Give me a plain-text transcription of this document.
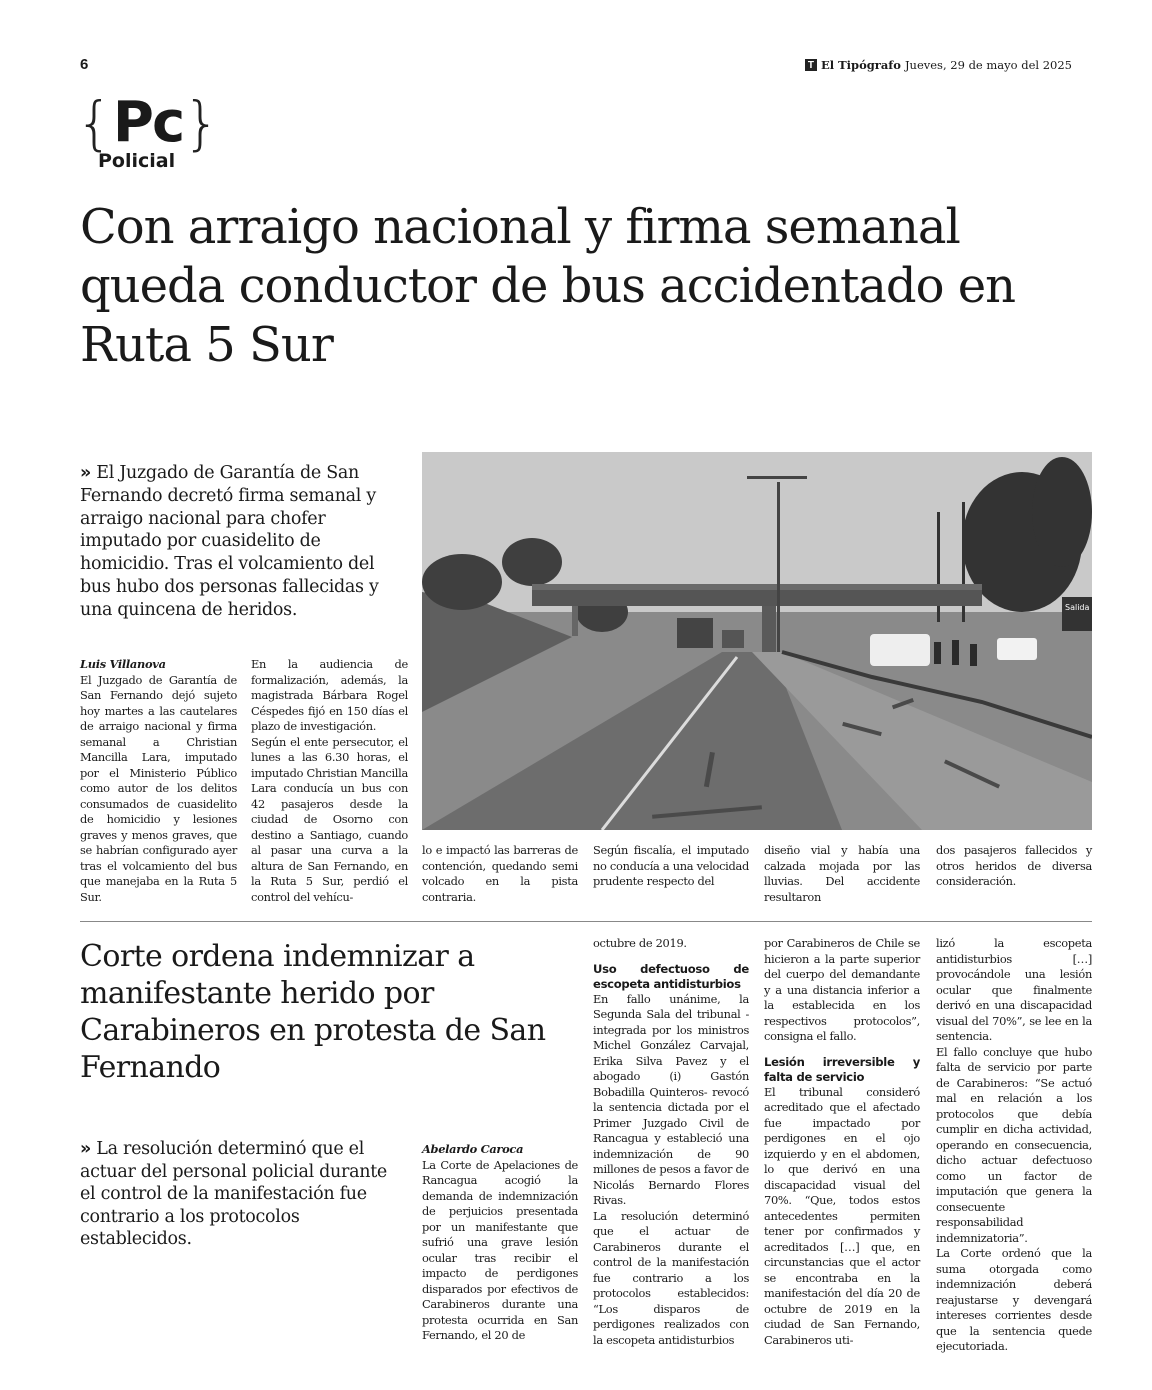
6	T El Tipógrafo Jueves, 29 de mayo del 2025
{ Pc }
Policial
Con arraigo nacional y firma semanal queda conductor de bus accidentado en Ruta 5 Sur
» El Juzgado de Garantía de San Fernando decretó firma semanal y arraigo nacional para chofer imputado por cuasidelito de homicidio. Tras el volcamiento del bus hubo dos personas fallecidas y una quincena de heridos.
Luis Villanova
El Juzgado de Garantía de San Fernando dejó sujeto hoy martes a las cautelares de arraigo nacional y firma semanal a Christian Mancilla Lara, imputado por el Ministerio Público como autor de los delitos consumados de cuasidelito de homicidio y lesiones graves y menos graves, que se habrían configurado ayer tras el volcamiento del bus que manejaba en la Ruta 5 Sur.
En la audiencia de formalización, además, la magistrada Bárbara Rogel Céspedes fijó en 150 días el plazo de investigación.
Según el ente persecutor, el lunes a las 6.30 horas, el imputado Christian Mancilla Lara conducía un bus con 42 pasajeros desde la ciudad de Osorno con destino a Santiago, cuando al pasar una curva a la altura de San Fernando, en la Ruta 5 Sur, perdió el control del vehícu-
Salida
lo e impactó las barreras de contención, quedando semi volcado en la pista contraria.
Según fiscalía, el imputado no conducía a una velocidad prudente respecto del
diseño vial y había una calzada mojada por las lluvias. Del accidente resultaron
dos pasajeros fallecidos y otros heridos de diversa consideración.
Corte ordena indemnizar a manifestante herido por Carabineros en protesta de San Fernando
» La resolución determinó que el actuar del personal policial durante el control de la manifestación fue contrario a los protocolos establecidos.
Abelardo Caroca
La Corte de Apelaciones de Rancagua acogió la demanda de indemnización de perjuicios presentada por un manifestante que sufrió una grave lesión ocular tras recibir el impacto de perdigones disparados por efectivos de Carabineros durante una protesta ocurrida en San Fernando, el 20 de
octubre de 2019.
Uso defectuoso de escopeta antidisturbios
En fallo unánime, la Segunda Sala del tribunal -integrada por los ministros Michel González Carvajal, Erika Silva Pavez y el abogado (i) Gastón Bobadilla Quinteros- revocó la sentencia dictada por el Primer Juzgado Civil de Rancagua y estableció una indemnización de 90 millones de pesos a favor de Nicolás Bernardo Flores Rivas.
La resolución determinó que el actuar de Carabineros durante el control de la manifestación fue contrario a los protocolos establecidos: “Los disparos de perdigones realizados con la escopeta antidisturbios
por Carabineros de Chile se hicieron a la parte superior del cuerpo del demandante y a una distancia inferior a la establecida en los respectivos protocolos”, consigna el fallo.
Lesión irreversible y falta de servicio
El tribunal consideró acreditado que el afectado fue impactado por perdigones en el ojo izquierdo y en el abdomen, lo que derivó en una discapacidad visual del 70%. “Que, todos estos antecedentes permiten tener por confirmados y acreditados […] que, en circunstancias que el actor se encontraba en la manifestación del día 20 de octubre de 2019 en la ciudad de San Fernando, Carabineros uti-
lizó la escopeta antidisturbios […] provocándole una lesión ocular que finalmente derivó en una discapacidad visual del 70%”, se lee en la sentencia.
El fallo concluye que hubo falta de servicio por parte de Carabineros: “Se actuó mal en relación a los protocolos que debía cumplir en dicha actividad, operando en consecuencia, dicho actuar defectuoso como un factor de imputación que genera la consecuente responsabilidad indemnizatoria”.
La Corte ordenó que la suma otorgada como indemnización deberá reajustarse y devengará intereses corrientes desde que la sentencia quede ejecutoriada.
